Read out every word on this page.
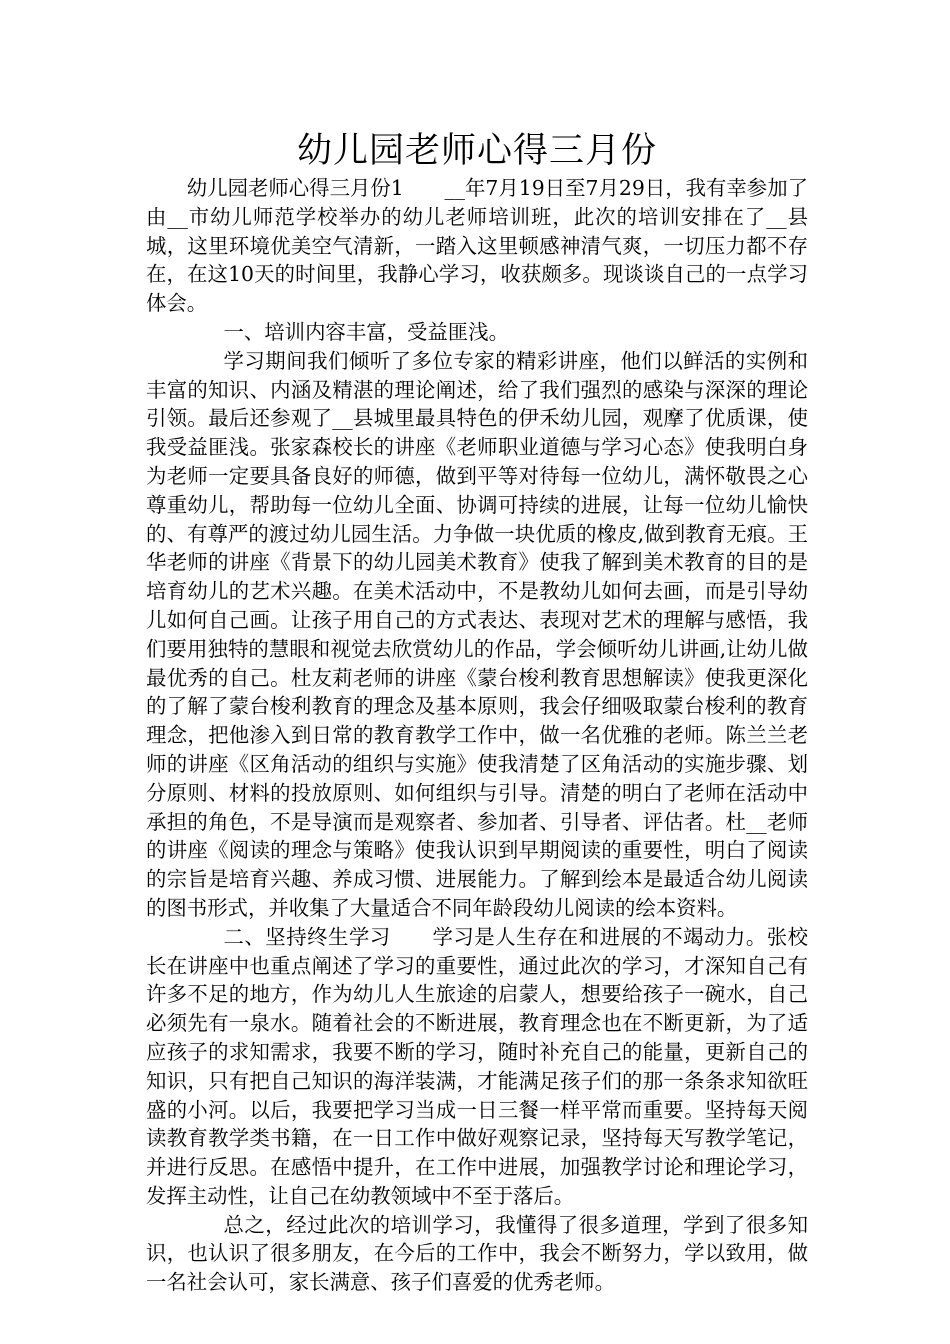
幼儿园老师心得三月份

幼儿园老师心得三月份1　　__年7月19日至7月29日，我有幸参加了由__市幼儿师范学校举办的幼儿老师培训班，此次的培训安排在了__县城，这里环境优美空气清新，一踏入这里顿感神清气爽，一切压力都不存在，在这10天的时间里，我静心学习，收获颇多。现谈谈自己的一点学习体会。

一、培训内容丰富，受益匪浅。

学习期间我们倾听了多位专家的精彩讲座，他们以鲜活的实例和丰富的知识、内涵及精湛的理论阐述，给了我们强烈的感染与深深的理论引领。最后还参观了__县城里最具特色的伊禾幼儿园，观摩了优质课，使我受益匪浅。张家森校长的讲座《老师职业道德与学习心态》使我明白身为老师一定要具备良好的师德，做到平等对待每一位幼儿，满怀敬畏之心尊重幼儿，帮助每一位幼儿全面、协调可持续的进展，让每一位幼儿愉快的、有尊严的渡过幼儿园生活。力争做一块优质的橡皮,做到教育无痕。王华老师的讲座《背景下的幼儿园美术教育》使我了解到美术教育的目的是培育幼儿的艺术兴趣。在美术活动中，不是教幼儿如何去画，而是引导幼儿如何自己画。让孩子用自己的方式表达、表现对艺术的理解与感悟，我们要用独特的慧眼和视觉去欣赏幼儿的作品，学会倾听幼儿讲画,让幼儿做最优秀的自己。杜友莉老师的讲座《蒙台梭利教育思想解读》使我更深化的了解了蒙台梭利教育的理念及基本原则，我会仔细吸取蒙台梭利的教育理念，把他渗入到日常的教育教学工作中，做一名优雅的老师。陈兰兰老师的讲座《区角活动的组织与实施》使我清楚了区角活动的实施步骤、划分原则、材料的投放原则、如何组织与引导。清楚的明白了老师在活动中承担的角色，不是导演而是观察者、参加者、引导者、评估者。杜__老师的讲座《阅读的理念与策略》使我认识到早期阅读的重要性，明白了阅读的宗旨是培育兴趣、养成习惯、进展能力。了解到绘本是最适合幼儿阅读的图书形式，并收集了大量适合不同年龄段幼儿阅读的绘本资料。

二、坚持终生学习　　学习是人生存在和进展的不竭动力。张校长在讲座中也重点阐述了学习的重要性，通过此次的学习，才深知自己有许多不足的地方，作为幼儿人生旅途的启蒙人，想要给孩子一碗水，自己必须先有一泉水。随着社会的不断进展，教育理念也在不断更新，为了适应孩子的求知需求，我要不断的学习，随时补充自己的能量，更新自己的知识，只有把自己知识的海洋装满，才能满足孩子们的那一条条求知欲旺盛的小河。以后，我要把学习当成一日三餐一样平常而重要。坚持每天阅读教育教学类书籍，在一日工作中做好观察记录，坚持每天写教学笔记，并进行反思。在感悟中提升，在工作中进展，加强教学讨论和理论学习，发挥主动性，让自己在幼教领域中不至于落后。

总之，经过此次的培训学习，我懂得了很多道理，学到了很多知识，也认识了很多朋友，在今后的工作中，我会不断努力，学以致用，做一名社会认可，家长满意、孩子们喜爱的优秀老师。
